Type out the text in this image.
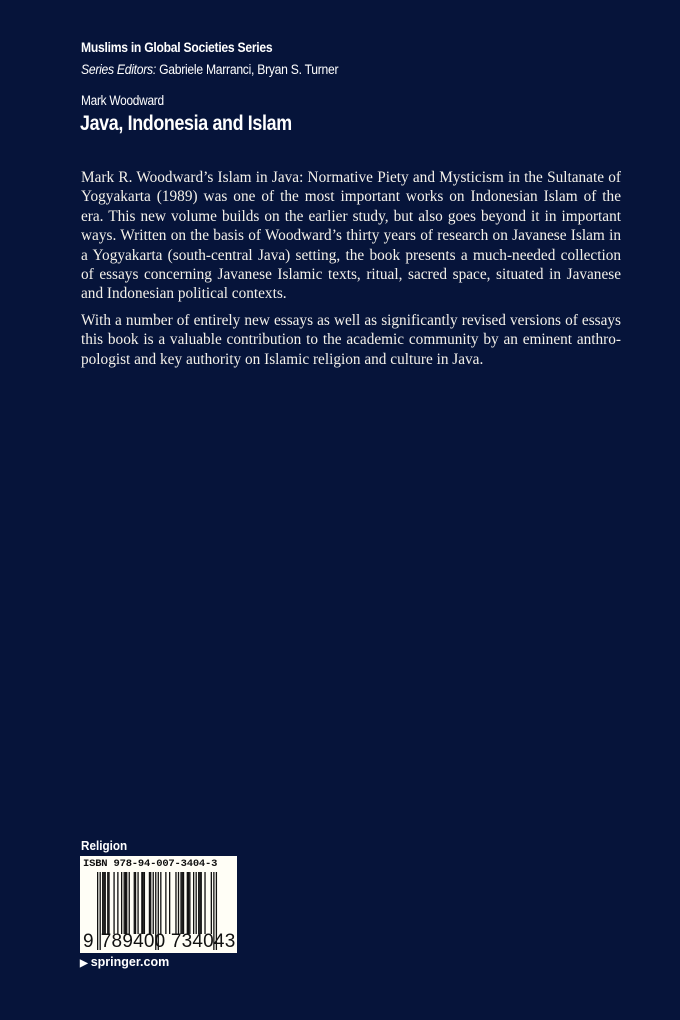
Muslims in Global Societies Series
Series Editors: Gabriele Marranci, Bryan S. Turner
Mark Woodward
Java, Indonesia and Islam

Mark R. Woodward’s Islam in Java: Normative Piety and Mysticism in the Sultanate of
Yogyakarta (1989) was one of the most important works on Indonesian Islam of the
era. This new volume builds on the earlier study, but also goes beyond it in important
ways. Written on the basis of Woodward’s thirty years of research on Javanese Islam in
a Yogyakarta (south-central Java) setting, the book presents a much-needed collection
of essays concerning Javanese Islamic texts, ritual, sacred space, situated in Javanese
and Indonesian political contexts.

With a number of entirely new essays as well as significantly revised versions of essays
this book is a valuable contribution to the academic community by an eminent anthro-
pologist and key authority on Islamic religion and culture in Java.

Religion
ISBN 978-94-007-3404-3
9 789400 734043
▶ springer.com
